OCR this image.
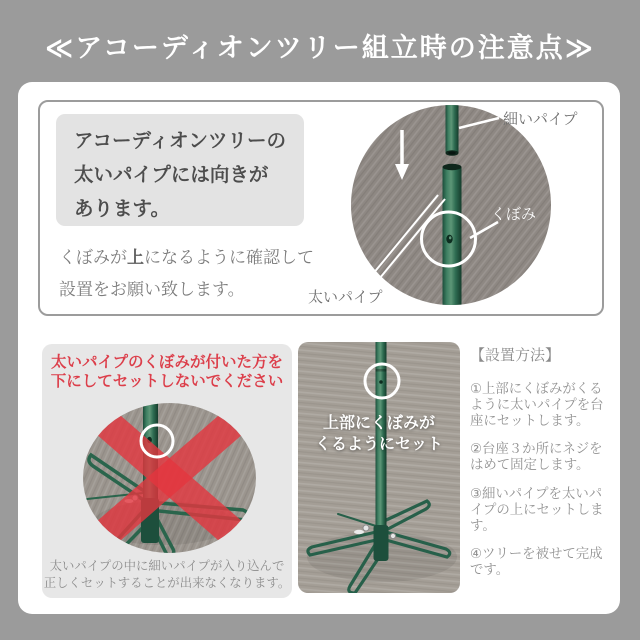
≪アコーディオンツリー組立時の注意点≫
アコーディオンツリーの
太いパイプには向きが
あります。
くぼみが上になるように確認して
設置をお願い致します。
細いパイプ
くぼみ
太いパイプ
太いパイプのくぼみが付いた方を
下にしてセットしないでください
太いパイプの中に細いパイプが入り込んで
正しくセットすることが出来なくなります。
上部にくぼみが
くるようにセット

【設置方法】

①上部にくぼみがくるように太いパイプを台座にセットします。

②台座３か所にネジをはめて固定します。

③細いパイプを太いパイプの上にセットします。

④ツリーを被せて完成です。
